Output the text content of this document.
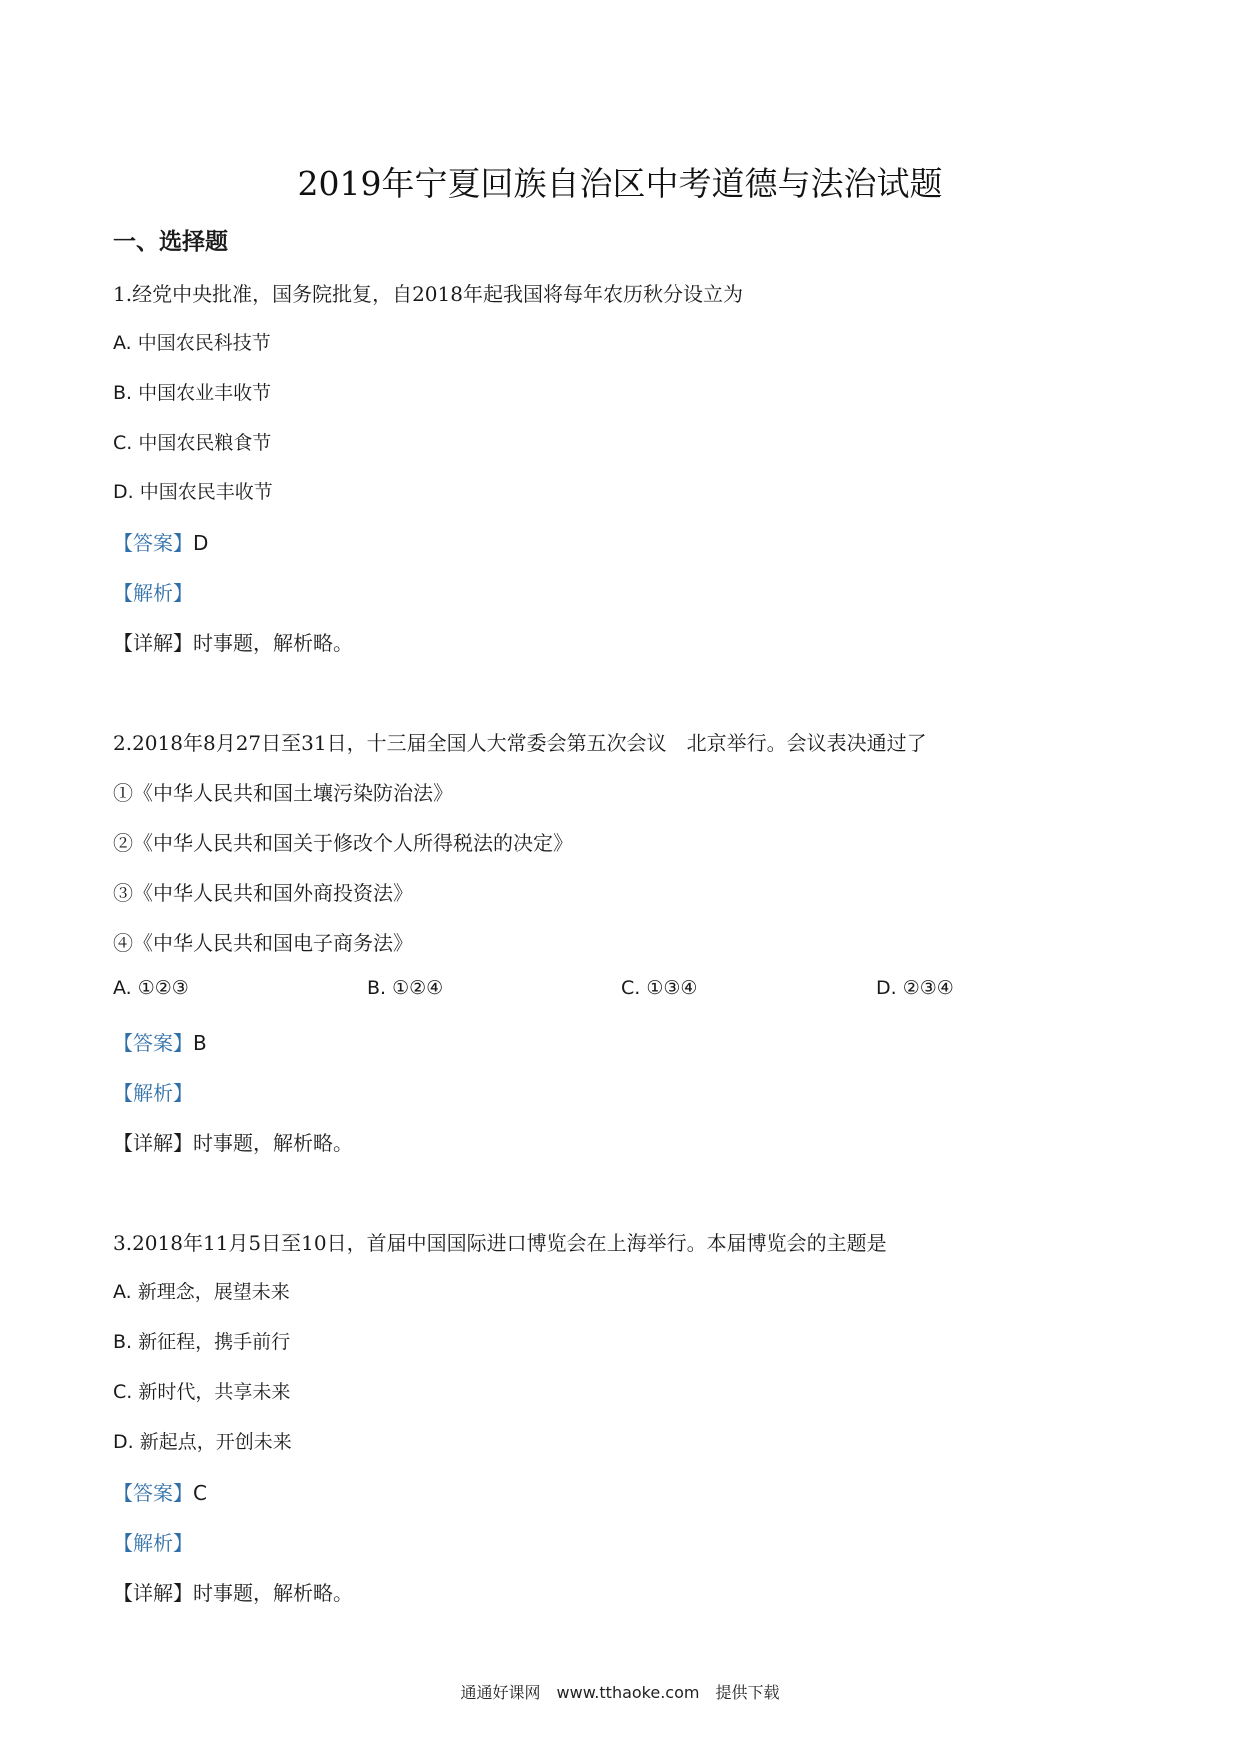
2019年宁夏回族自治区中考道德与法治试题
一、选择题
1.经党中央批准，国务院批复，自2018年起我国将每年农历秋分设立为
A. 中国农民科技节
B. 中国农业丰收节
C. 中国农民粮食节
D. 中国农民丰收节
【答案】D
【解析】
【详解】时事题，解析略。
2.2018年8月27日至31日，十三届全国人大常委会第五次会议　北京举行。会议表决通过了
①《中华人民共和国土壤污染防治法》
②《中华人民共和国关于修改个人所得税法的决定》
③《中华人民共和国外商投资法》
④《中华人民共和国电子商务法》
A. ①②③	B. ①②④	C. ①③④	D. ②③④
【答案】B
【解析】
【详解】时事题，解析略。
3.2018年11月5日至10日，首届中国国际进口博览会在上海举行。本届博览会的主题是
A. 新理念，展望未来
B. 新征程，携手前行
C. 新时代，共享未来
D. 新起点，开创未来
【答案】C
【解析】
【详解】时事题，解析略。
通通好课网　www.tthaoke.com　提供下载
